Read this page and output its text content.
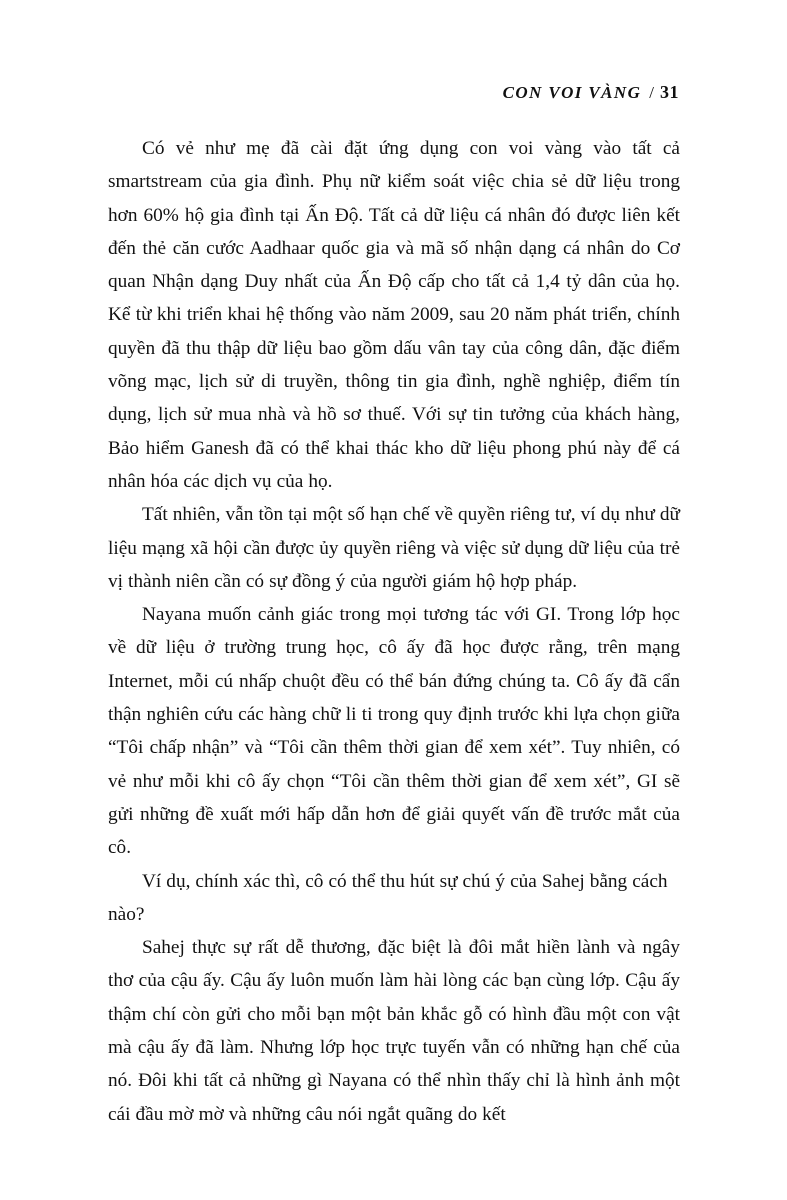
CON VOI VÀNG / 31

Có vẻ như mẹ đã cài đặt ứng dụng con voi vàng vào tất cả smartstream của gia đình. Phụ nữ kiểm soát việc chia sẻ dữ liệu trong hơn 60% hộ gia đình tại Ấn Độ. Tất cả dữ liệu cá nhân đó được liên kết đến thẻ căn cước Aadhaar quốc gia và mã số nhận dạng cá nhân do Cơ quan Nhận dạng Duy nhất của Ấn Độ cấp cho tất cả 1,4 tỷ dân của họ. Kể từ khi triển khai hệ thống vào năm 2009, sau 20 năm phát triển, chính quyền đã thu thập dữ liệu bao gồm dấu vân tay của công dân, đặc điểm võng mạc, lịch sử di truyền, thông tin gia đình, nghề nghiệp, điểm tín dụng, lịch sử mua nhà và hồ sơ thuế. Với sự tin tưởng của khách hàng, Bảo hiểm Ganesh đã có thể khai thác kho dữ liệu phong phú này để cá nhân hóa các dịch vụ của họ.

Tất nhiên, vẫn tồn tại một số hạn chế về quyền riêng tư, ví dụ như dữ liệu mạng xã hội cần được ủy quyền riêng và việc sử dụng dữ liệu của trẻ vị thành niên cần có sự đồng ý của người giám hộ hợp pháp.

Nayana muốn cảnh giác trong mọi tương tác với GI. Trong lớp học về dữ liệu ở trường trung học, cô ấy đã học được rằng, trên mạng Internet, mỗi cú nhấp chuột đều có thể bán đứng chúng ta. Cô ấy đã cẩn thận nghiên cứu các hàng chữ li ti trong quy định trước khi lựa chọn giữa “Tôi chấp nhận” và “Tôi cần thêm thời gian để xem xét”. Tuy nhiên, có vẻ như mỗi khi cô ấy chọn “Tôi cần thêm thời gian để xem xét”, GI sẽ gửi những đề xuất mới hấp dẫn hơn để giải quyết vấn đề trước mắt của cô.

Ví dụ, chính xác thì, cô có thể thu hút sự chú ý của Sahej bằng cách nào?

Sahej thực sự rất dễ thương, đặc biệt là đôi mắt hiền lành và ngây thơ của cậu ấy. Cậu ấy luôn muốn làm hài lòng các bạn cùng lớp. Cậu ấy thậm chí còn gửi cho mỗi bạn một bản khắc gỗ có hình đầu một con vật mà cậu ấy đã làm. Nhưng lớp học trực tuyến vẫn có những hạn chế của nó. Đôi khi tất cả những gì Nayana có thể nhìn thấy chỉ là hình ảnh một cái đầu mờ mờ và những câu nói ngắt quãng do kết
